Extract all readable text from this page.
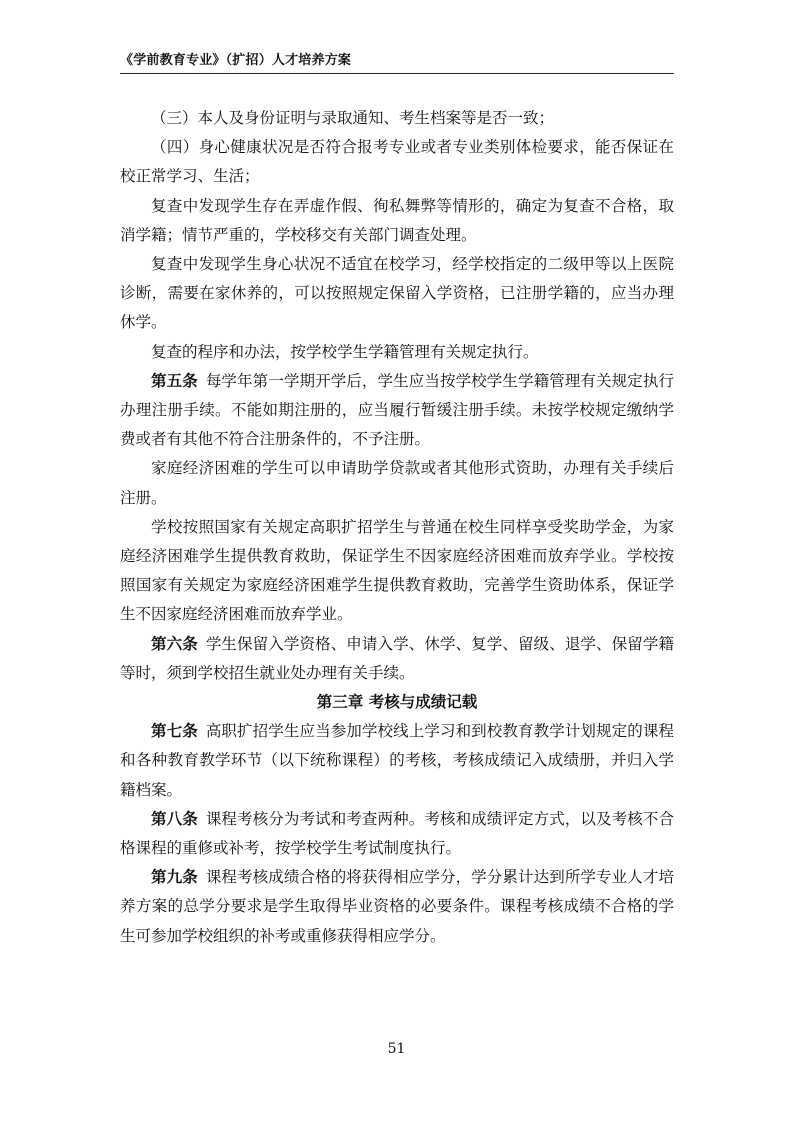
《学前教育专业》（扩招）人才培养方案

（三）本人及身份证明与录取通知、考生档案等是否一致；

（四）身心健康状况是否符合报考专业或者专业类别体检要求，能否保证在校正常学习、生活；

复查中发现学生存在弄虚作假、徇私舞弊等情形的，确定为复查不合格，取消学籍；情节严重的，学校移交有关部门调查处理。

复查中发现学生身心状况不适宜在校学习，经学校指定的二级甲等以上医院诊断，需要在家休养的，可以按照规定保留入学资格，已注册学籍的，应当办理休学。

复查的程序和办法，按学校学生学籍管理有关规定执行。

第五条 每学年第一学期开学后，学生应当按学校学生学籍管理有关规定执行办理注册手续。不能如期注册的，应当履行暂缓注册手续。未按学校规定缴纳学费或者有其他不符合注册条件的，不予注册。

家庭经济困难的学生可以申请助学贷款或者其他形式资助，办理有关手续后注册。

学校按照国家有关规定高职扩招学生与普通在校生同样享受奖助学金，为家庭经济困难学生提供教育救助，保证学生不因家庭经济困难而放弃学业。学校按照国家有关规定为家庭经济困难学生提供教育救助，完善学生资助体系，保证学生不因家庭经济困难而放弃学业。

第六条 学生保留入学资格、申请入学、休学、复学、留级、退学、保留学籍等时，须到学校招生就业处办理有关手续。

第三章 考核与成绩记载

第七条 高职扩招学生应当参加学校线上学习和到校教育教学计划规定的课程和各种教育教学环节（以下统称课程）的考核，考核成绩记入成绩册，并归入学籍档案。

第八条 课程考核分为考试和考查两种。考核和成绩评定方式，以及考核不合格课程的重修或补考，按学校学生考试制度执行。

第九条 课程考核成绩合格的将获得相应学分，学分累计达到所学专业人才培养方案的总学分要求是学生取得毕业资格的必要条件。课程考核成绩不合格的学生可参加学校组织的补考或重修获得相应学分。

51
